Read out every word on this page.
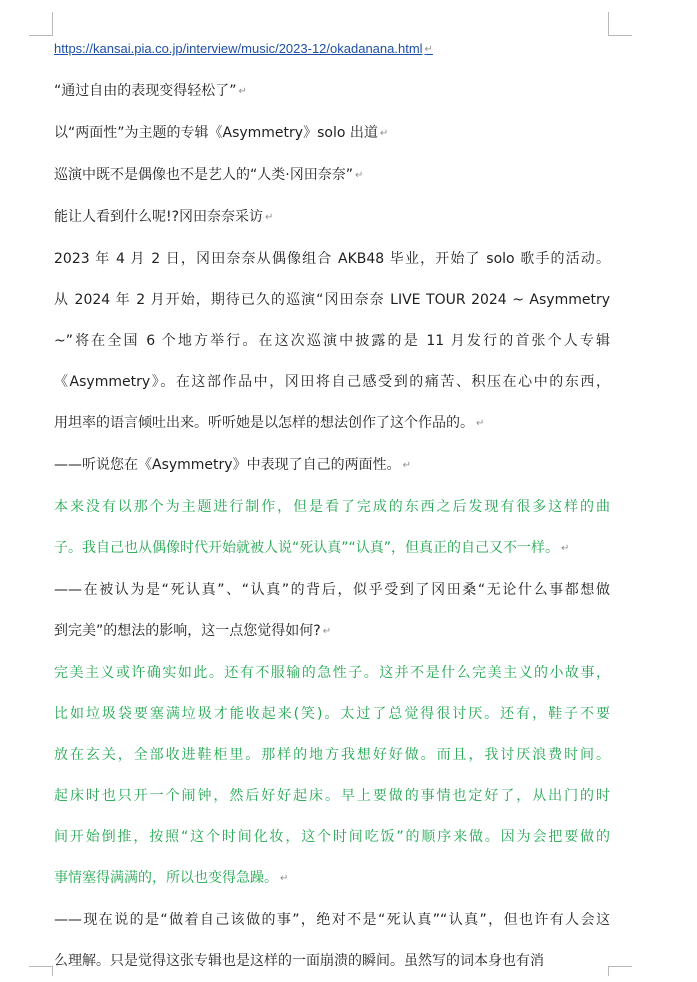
https://kansai.pia.co.jp/interview/music/2023-12/okadanana.html ↵
“通过自由的表现变得轻松了” ↵
以“两面性”为主题的专辑《Asymmetry》solo 出道 ↵
巡演中既不是偶像也不是艺人的“人类·冈田奈奈” ↵
能让人看到什么呢!?冈田奈奈采访 ↵
2023 年 4 月 2 日，冈田奈奈从偶像组合 AKB48 毕业，开始了 solo 歌手的活动。
从 2024 年 2 月开始，期待已久的巡演“冈田奈奈 LIVE TOUR 2024 ~ Asymmetry
~”将在全国 6 个地方举行。在这次巡演中披露的是 11 月发行的首张个人专辑
《Asymmetry》。在这部作品中，冈田将自己感受到的痛苦、积压在心中的东西，
用坦率的语言倾吐出来。听听她是以怎样的想法创作了这个作品的。 ↵
——听说您在《Asymmetry》中表现了自己的两面性。 ↵
本来没有以那个为主题进行制作，但是看了完成的东西之后发现有很多这样的曲
子。我自己也从偶像时代开始就被人说“死认真”“认真”，但真正的自己又不一样。 ↵
——在被认为是“死认真”、“认真”的背后，似乎受到了冈田桑“无论什么事都想做
到完美”的想法的影响，这一点您觉得如何? ↵
完美主义或许确实如此。还有不服输的急性子。这并不是什么完美主义的小故事，
比如垃圾袋要塞满垃圾才能收起来(笑)。太过了总觉得很讨厌。还有，鞋子不要
放在玄关，全部收进鞋柜里。那样的地方我想好好做。而且，我讨厌浪费时间。
起床时也只开一个闹钟，然后好好起床。早上要做的事情也定好了，从出门的时
间开始倒推，按照“这个时间化妆，这个时间吃饭”的顺序来做。因为会把要做的
事情塞得满满的，所以也变得急躁。 ↵
——现在说的是“做着自己该做的事”，绝对不是“死认真”“认真”，但也许有人会这
么理解。只是觉得这张专辑也是这样的一面崩溃的瞬间。虽然写的词本身也有消
